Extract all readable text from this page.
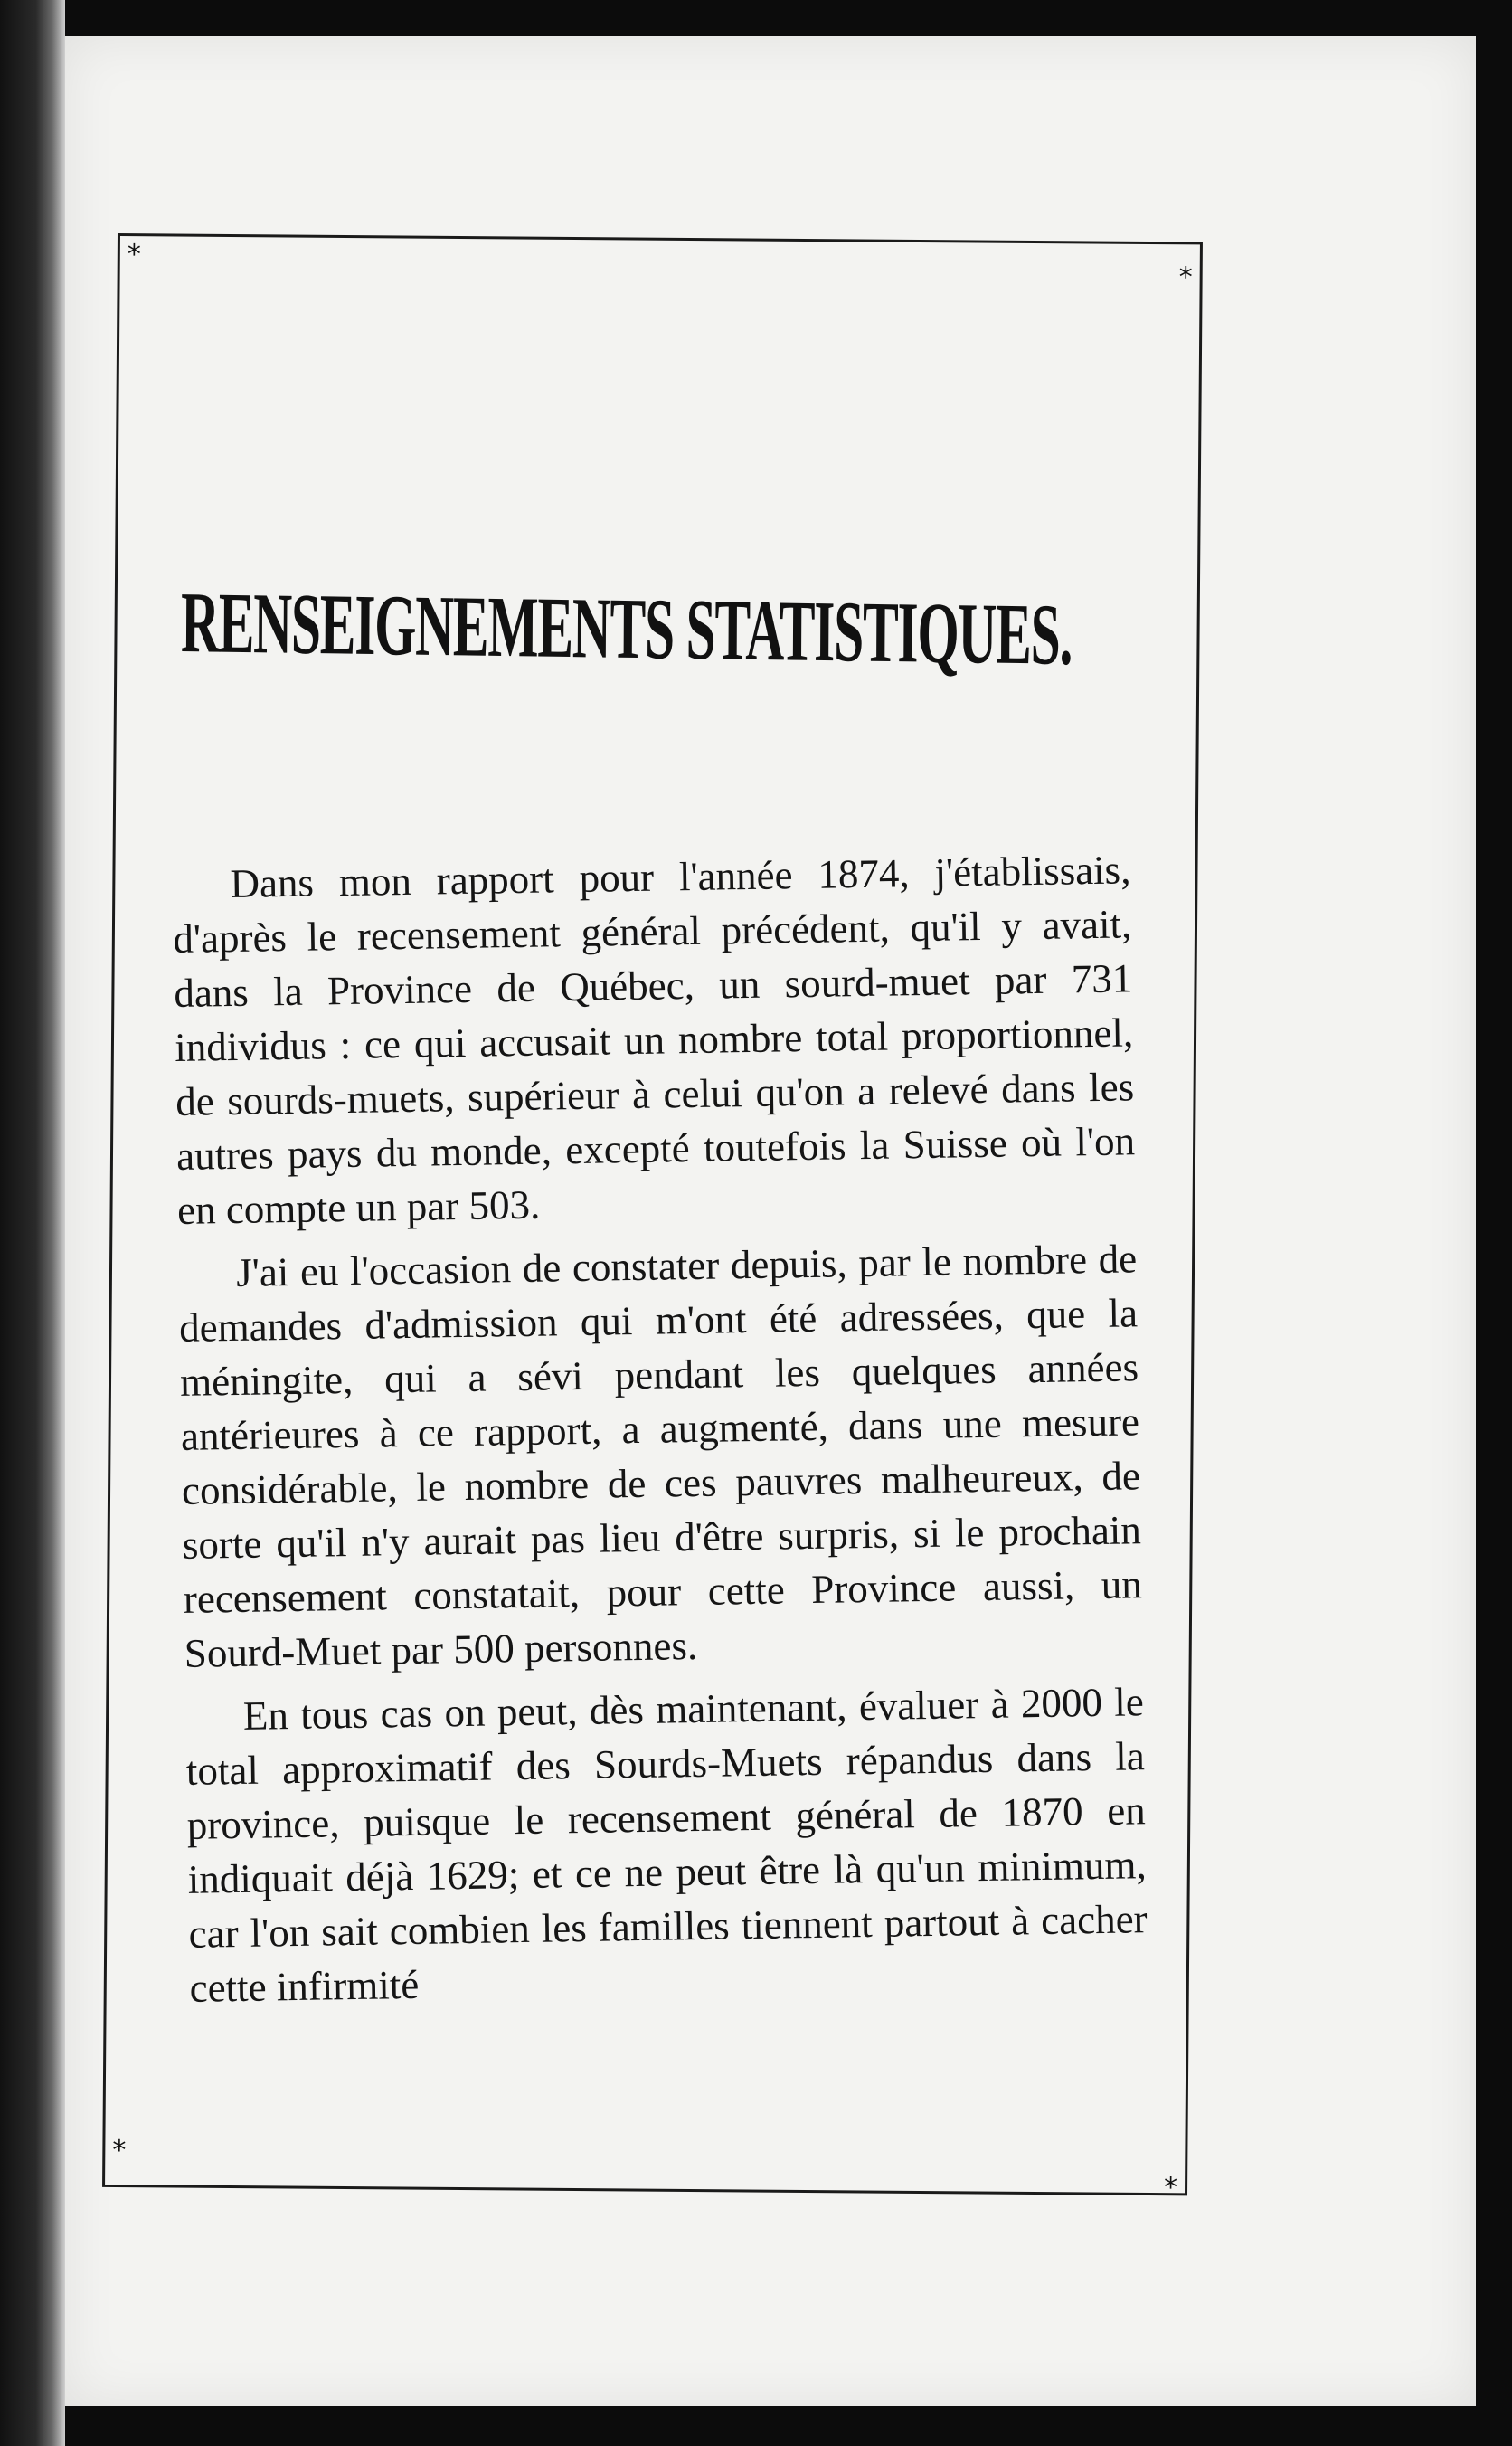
*
*
*
*
RENSEIGNEMENTS STATISTIQUES.

Dans mon rapport pour l'année 1874, j'établissais, d'après le recensement général précédent, qu'il y avait, dans la Province de Québec, un sourd-muet par 731 individus : ce qui accusait un nombre total proportionnel, de sourds-muets, supérieur à celui qu'on a relevé dans les autres pays du monde, excepté toutefois la Suisse où l'on en compte un par 503.

J'ai eu l'occasion de constater depuis, par le nombre de demandes d'admission qui m'ont été adressées, que la méningite, qui a sévi pendant les quelques années antérieures à ce rapport, a augmenté, dans une mesure considérable, le nombre de ces pauvres malheureux, de sorte qu'il n'y aurait pas lieu d'être surpris, si le prochain recensement constatait, pour cette Province aussi, un Sourd-Muet par 500 personnes.

En tous cas on peut, dès maintenant, évaluer à 2000 le total approximatif des Sourds-Muets répandus dans la province, puisque le recensement général de 1870 en indiquait déjà 1629; et ce ne peut être là qu'un minimum, car l'on sait combien les familles tiennent partout à cacher cette infirmité
